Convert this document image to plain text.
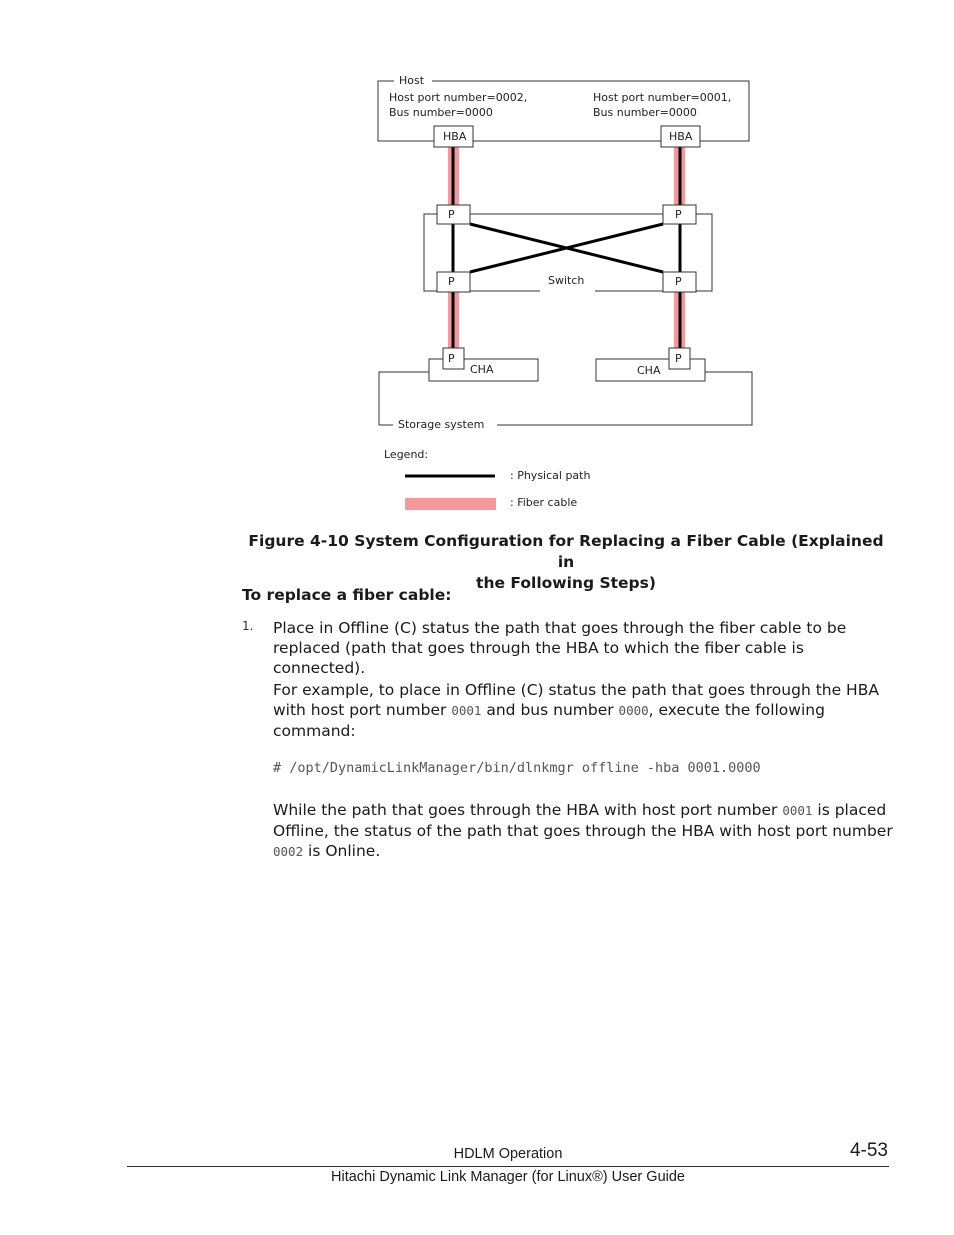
Host
Host port number=0002,
Bus number=0000
Host port number=0001,
Bus number=0000
HBA	HBA
P	P
P	P
Switch
Storage system
CHA	CHA
P	P
Legend:
: Physical path
: Fiber cable
Figure 4-10 System Configuration for Replacing a Fiber Cable (Explained in
the Following Steps)
To replace a fiber cable:
1. Place in Offline (C) status the path that goes through the fiber cable to be replaced (path that goes through the HBA to which the fiber cable is connected).

For example, to place in Offline (C) status the path that goes through the HBA with host port number 0001 and bus number 0000, execute the following command:

# /opt/DynamicLinkManager/bin/dlnkmgr offline -hba 0001.0000

While the path that goes through the HBA with host port number 0001 is placed Offline, the status of the path that goes through the HBA with host port number 0002 is Online.

HDLM Operation	4-53
Hitachi Dynamic Link Manager (for Linux®) User Guide
